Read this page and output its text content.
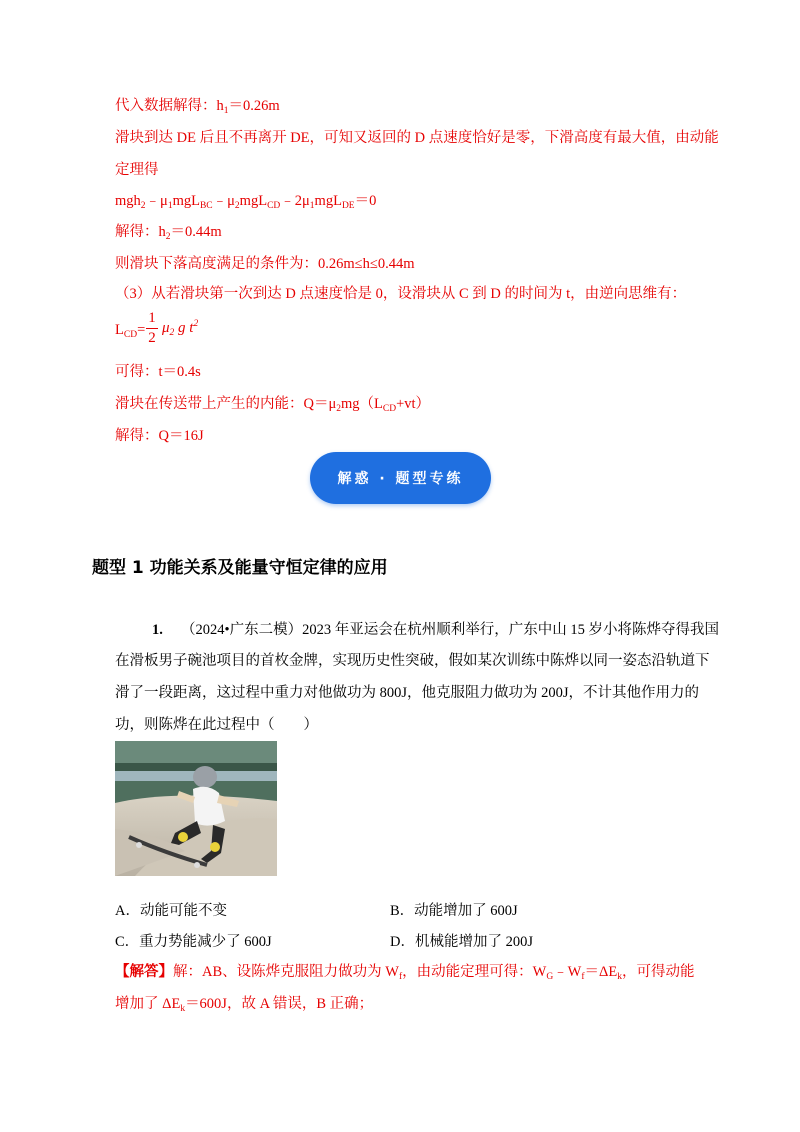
代入数据解得：$h_1=0.26m$
滑块到达 DE 后且不再离开 DE，可知又返回的 D 点速度恰好是零，下滑高度有最大值，由动能
定理得
$mgh_2﹣\mu_1mgL_{BC}﹣\mu_2mgL_{CD}﹣2\mu_1mgL_{DE}=0$
解得：$h_2=0.44m$
则滑块下落高度满足的条件为：0.26m≤h≤0.44m
（3）从若滑块第一次到达 D 点速度恰是 0，设滑块从 C 到 D 的时间为 t，由逆向思维有：
$L_{CD}=$
1
2
$\mu_2$ g $t^2$
可得：t＝0.4s
滑块在传送带上产生的内能：$Q=\mu_2mg(L_{CD}+vt)$
解得：Q＝16J
解惑 · 题型专练
题型 1 功能关系及能量守恒定律的应用
1. （2024•广东二模）2023 年亚运会在杭州顺利举行，广东中山 15 岁小将陈烨夺得我国
在滑板男子碗池项目的首枚金牌，实现历史性突破，假如某次训练中陈烨以同一姿态沿轨道下
滑了一段距离，这过程中重力对他做功为 800J，他克服阻力做功为 200J，不计其他作用力的
功，则陈烨在此过程中（　　）
A．动能可能不变	B．动能增加了 600J
C．重力势能减少了 600J	D．机械能增加了 200J
【解答】解：AB、设陈烨克服阻力做功为 $W_f$，由动能定理可得：$W_G﹣W_f=\Delta E_k$，可得动能
增加了 $\Delta E_k=600J$，故 A 错误，B 正确；
